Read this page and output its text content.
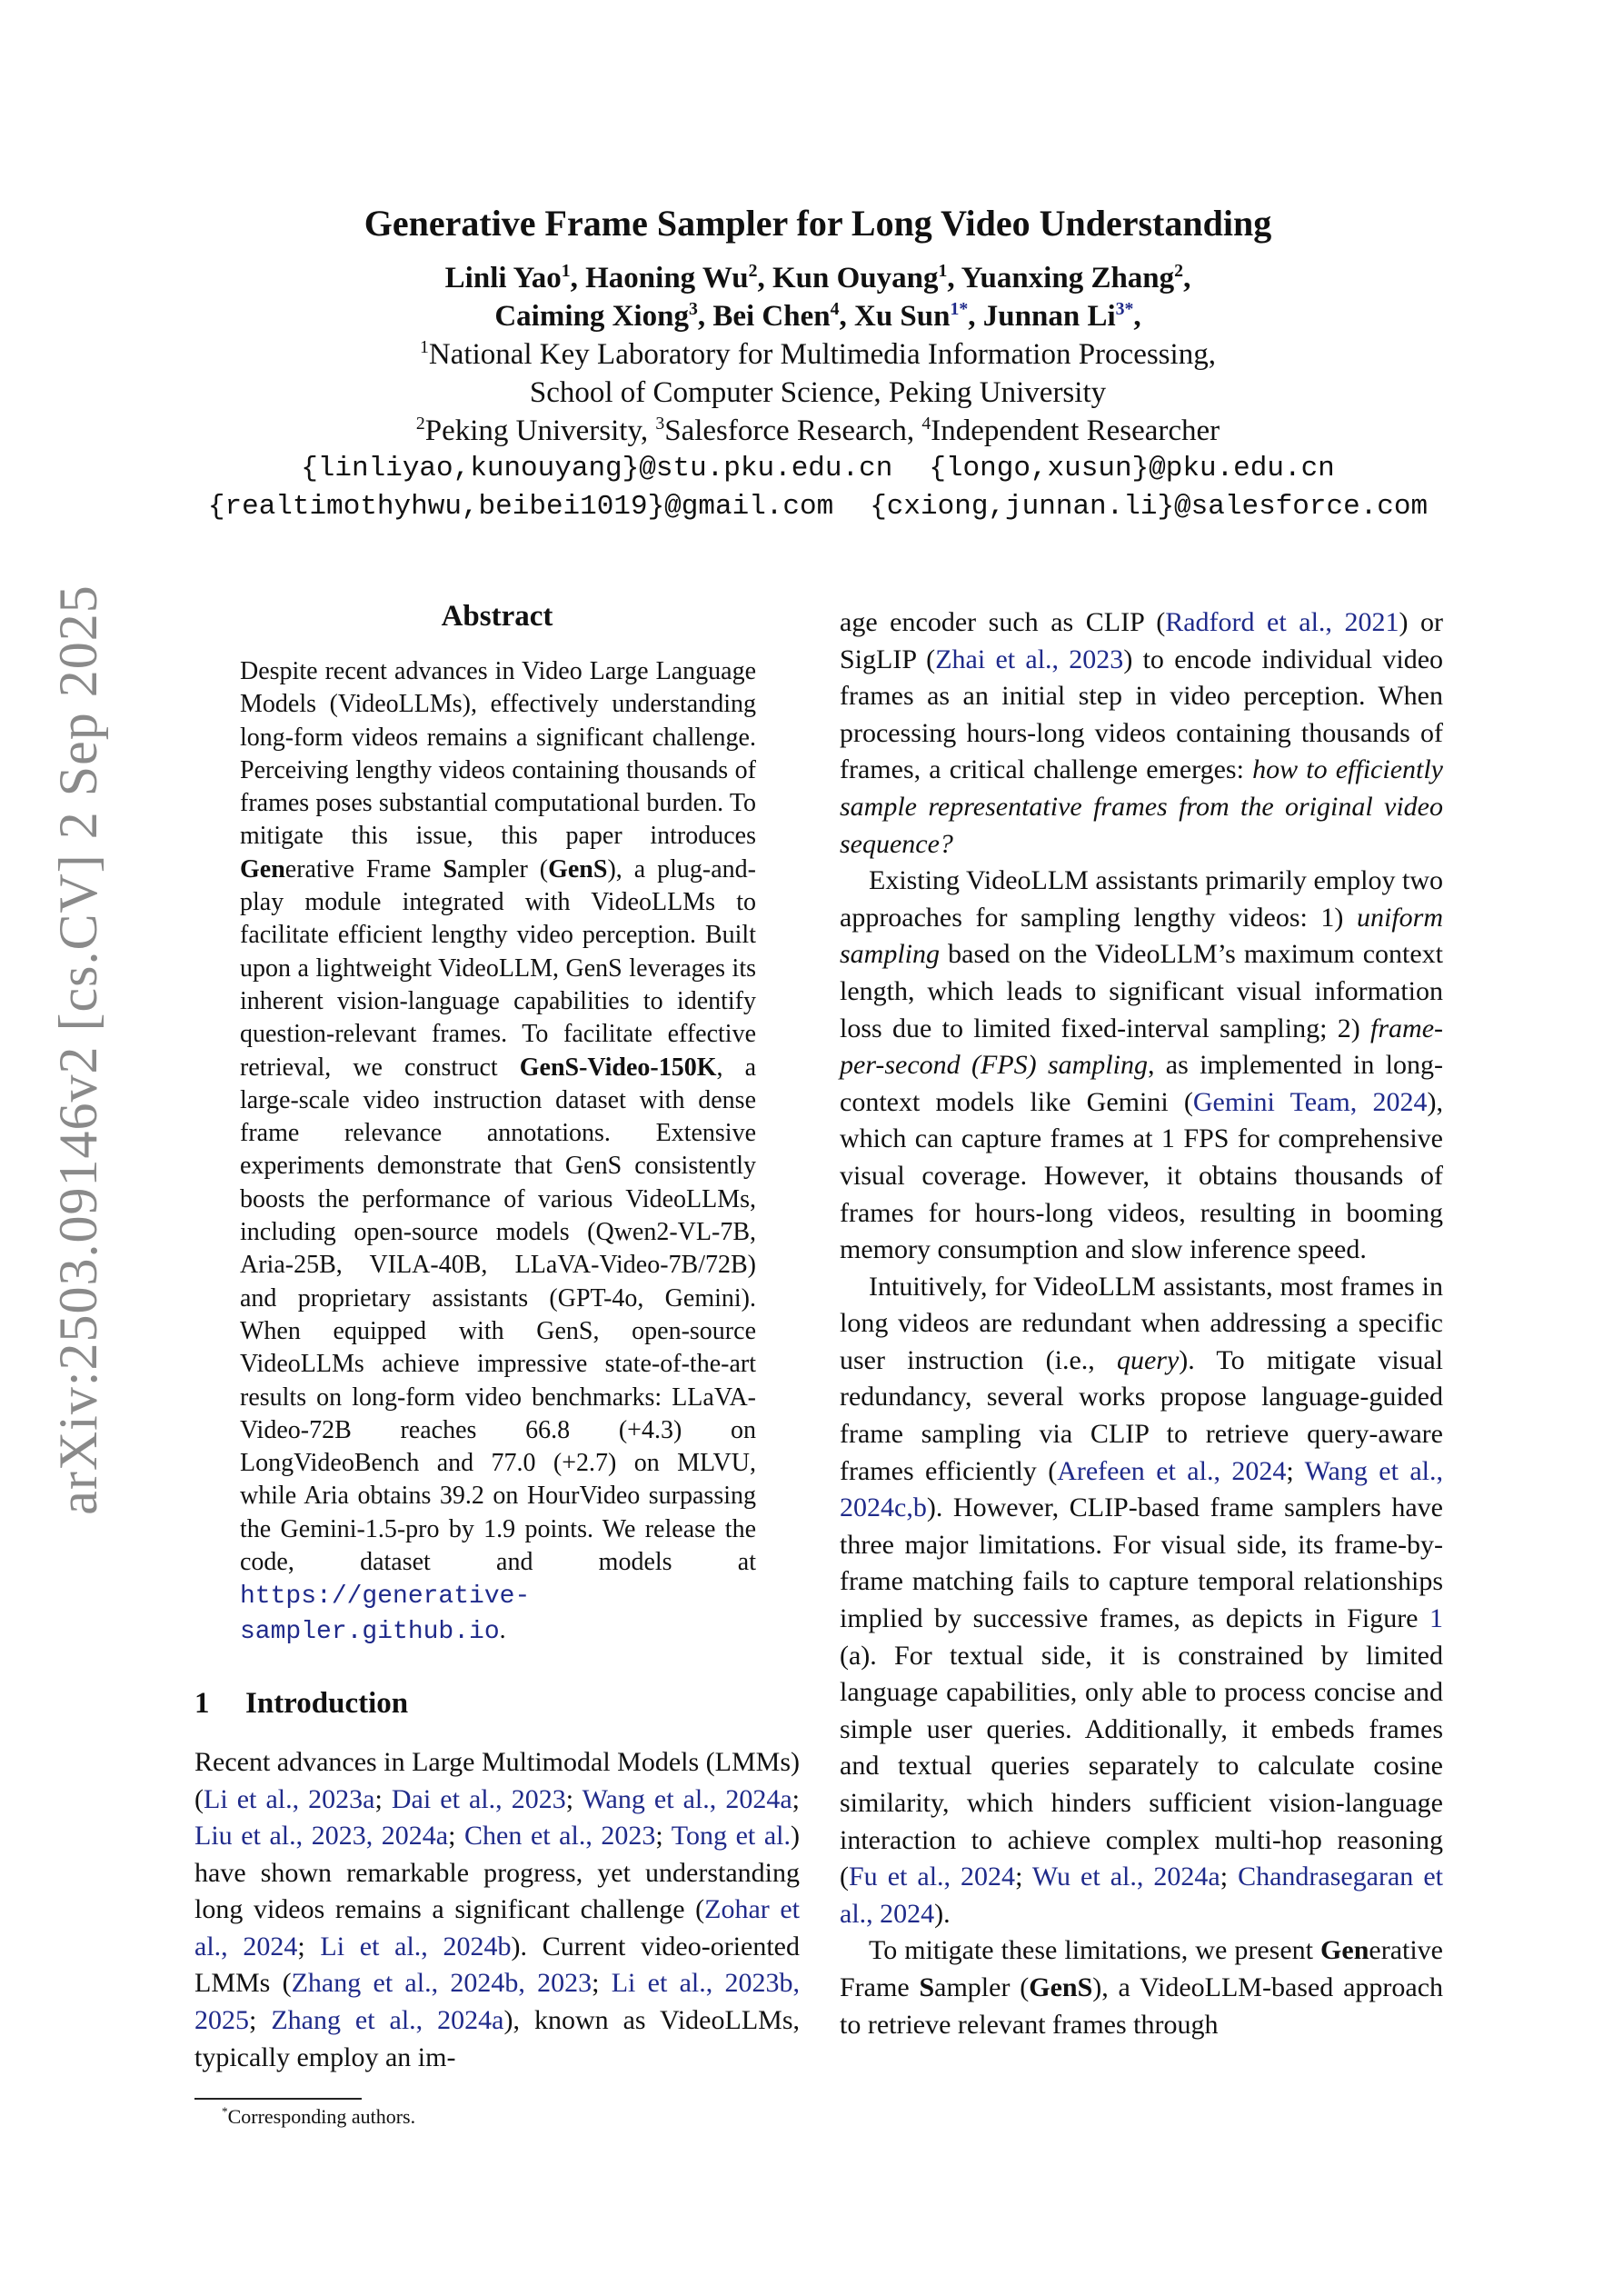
arXiv:2503.09146v2 [cs.CV] 2 Sep 2025
Generative Frame Sampler for Long Video Understanding
Linli Yao$^1$, Haoning Wu$^2$, Kun Ouyang$^1$, Yuanxing Zhang$^2$,
Caiming Xiong$^3$, Bei Chen$^4$, Xu Sun$^{1*}$, Junnan Li$^{3*}$,
$^1$National Key Laboratory for Multimedia Information Processing,
School of Computer Science, Peking University
$^2$Peking University, $^3$Salesforce Research, $^4$Independent Researcher
{linliyao,kunouyang}@stu.pku.edu.cn {longo,xusun}@pku.edu.cn
{realtimothyhwu,beibei1019}@gmail.com {cxiong,junnan.li}@salesforce.com
Abstract
Despite recent advances in Video Large Language Models (VideoLLMs), effectively understanding long-form videos remains a significant challenge. Perceiving lengthy videos containing thousands of frames poses substantial computational burden. To mitigate this issue, this paper introduces Generative Frame Sampler (GenS), a plug-and-play module integrated with VideoLLMs to facilitate efficient lengthy video perception. Built upon a lightweight VideoLLM, GenS leverages its inherent vision-language capabilities to identify question-relevant frames. To facilitate effective retrieval, we construct GenS-Video-150K, a large-scale video instruction dataset with dense frame relevance annotations. Extensive experiments demonstrate that GenS consistently boosts the performance of various VideoLLMs, including open-source models (Qwen2-VL-7B, Aria-25B, VILA-40B, LLaVA-Video-7B/72B) and proprietary assistants (GPT-4o, Gemini). When equipped with GenS, open-source VideoLLMs achieve impressive state-of-the-art results on long-form video benchmarks: LLaVA-Video-72B reaches 66.8 (+4.3) on LongVideoBench and 77.0 (+2.7) on MLVU, while Aria obtains 39.2 on HourVideo surpassing the Gemini-1.5-pro by 1.9 points. We release the code, dataset and models at https://generative-sampler.github.io.
1 Introduction

Recent advances in Large Multimodal Models (LMMs) (Li et al., 2023a; Dai et al., 2023; Wang et al., 2024a; Liu et al., 2023, 2024a; Chen et al., 2023; Tong et al.) have shown remarkable progress, yet understanding long videos remains a significant challenge (Zohar et al., 2024; Li et al., 2024b). Current video-oriented LMMs (Zhang et al., 2024b, 2023; Li et al., 2023b, 2025; Zhang et al., 2024a), known as VideoLLMs, typically employ an im-

*Corresponding authors.

age encoder such as CLIP (Radford et al., 2021) or SigLIP (Zhai et al., 2023) to encode individual video frames as an initial step in video perception. When processing hours-long videos containing thousands of frames, a critical challenge emerges: how to efficiently sample representative frames from the original video sequence?

Existing VideoLLM assistants primarily employ two approaches for sampling lengthy videos: 1) uniform sampling based on the VideoLLM’s maximum context length, which leads to significant visual information loss due to limited fixed-interval sampling; 2) frame-per-second (FPS) sampling, as implemented in long-context models like Gemini (Gemini Team, 2024), which can capture frames at 1 FPS for comprehensive visual coverage. However, it obtains thousands of frames for hours-long videos, resulting in booming memory consumption and slow inference speed.

Intuitively, for VideoLLM assistants, most frames in long videos are redundant when addressing a specific user instruction (i.e., query). To mitigate visual redundancy, several works propose language-guided frame sampling via CLIP to retrieve query-aware frames efficiently (Arefeen et al., 2024; Wang et al., 2024c,b). However, CLIP-based frame samplers have three major limitations. For visual side, its frame-by-frame matching fails to capture temporal relationships implied by successive frames, as depicts in Figure 1 (a). For textual side, it is constrained by limited language capabilities, only able to process concise and simple user queries. Additionally, it embeds frames and textual queries separately to calculate cosine similarity, which hinders sufficient vision-language interaction to achieve complex multi-hop reasoning (Fu et al., 2024; Wu et al., 2024a; Chandrasegaran et al., 2024).

To mitigate these limitations, we present Generative Frame Sampler (GenS), a VideoLLM-based approach to retrieve relevant frames through
